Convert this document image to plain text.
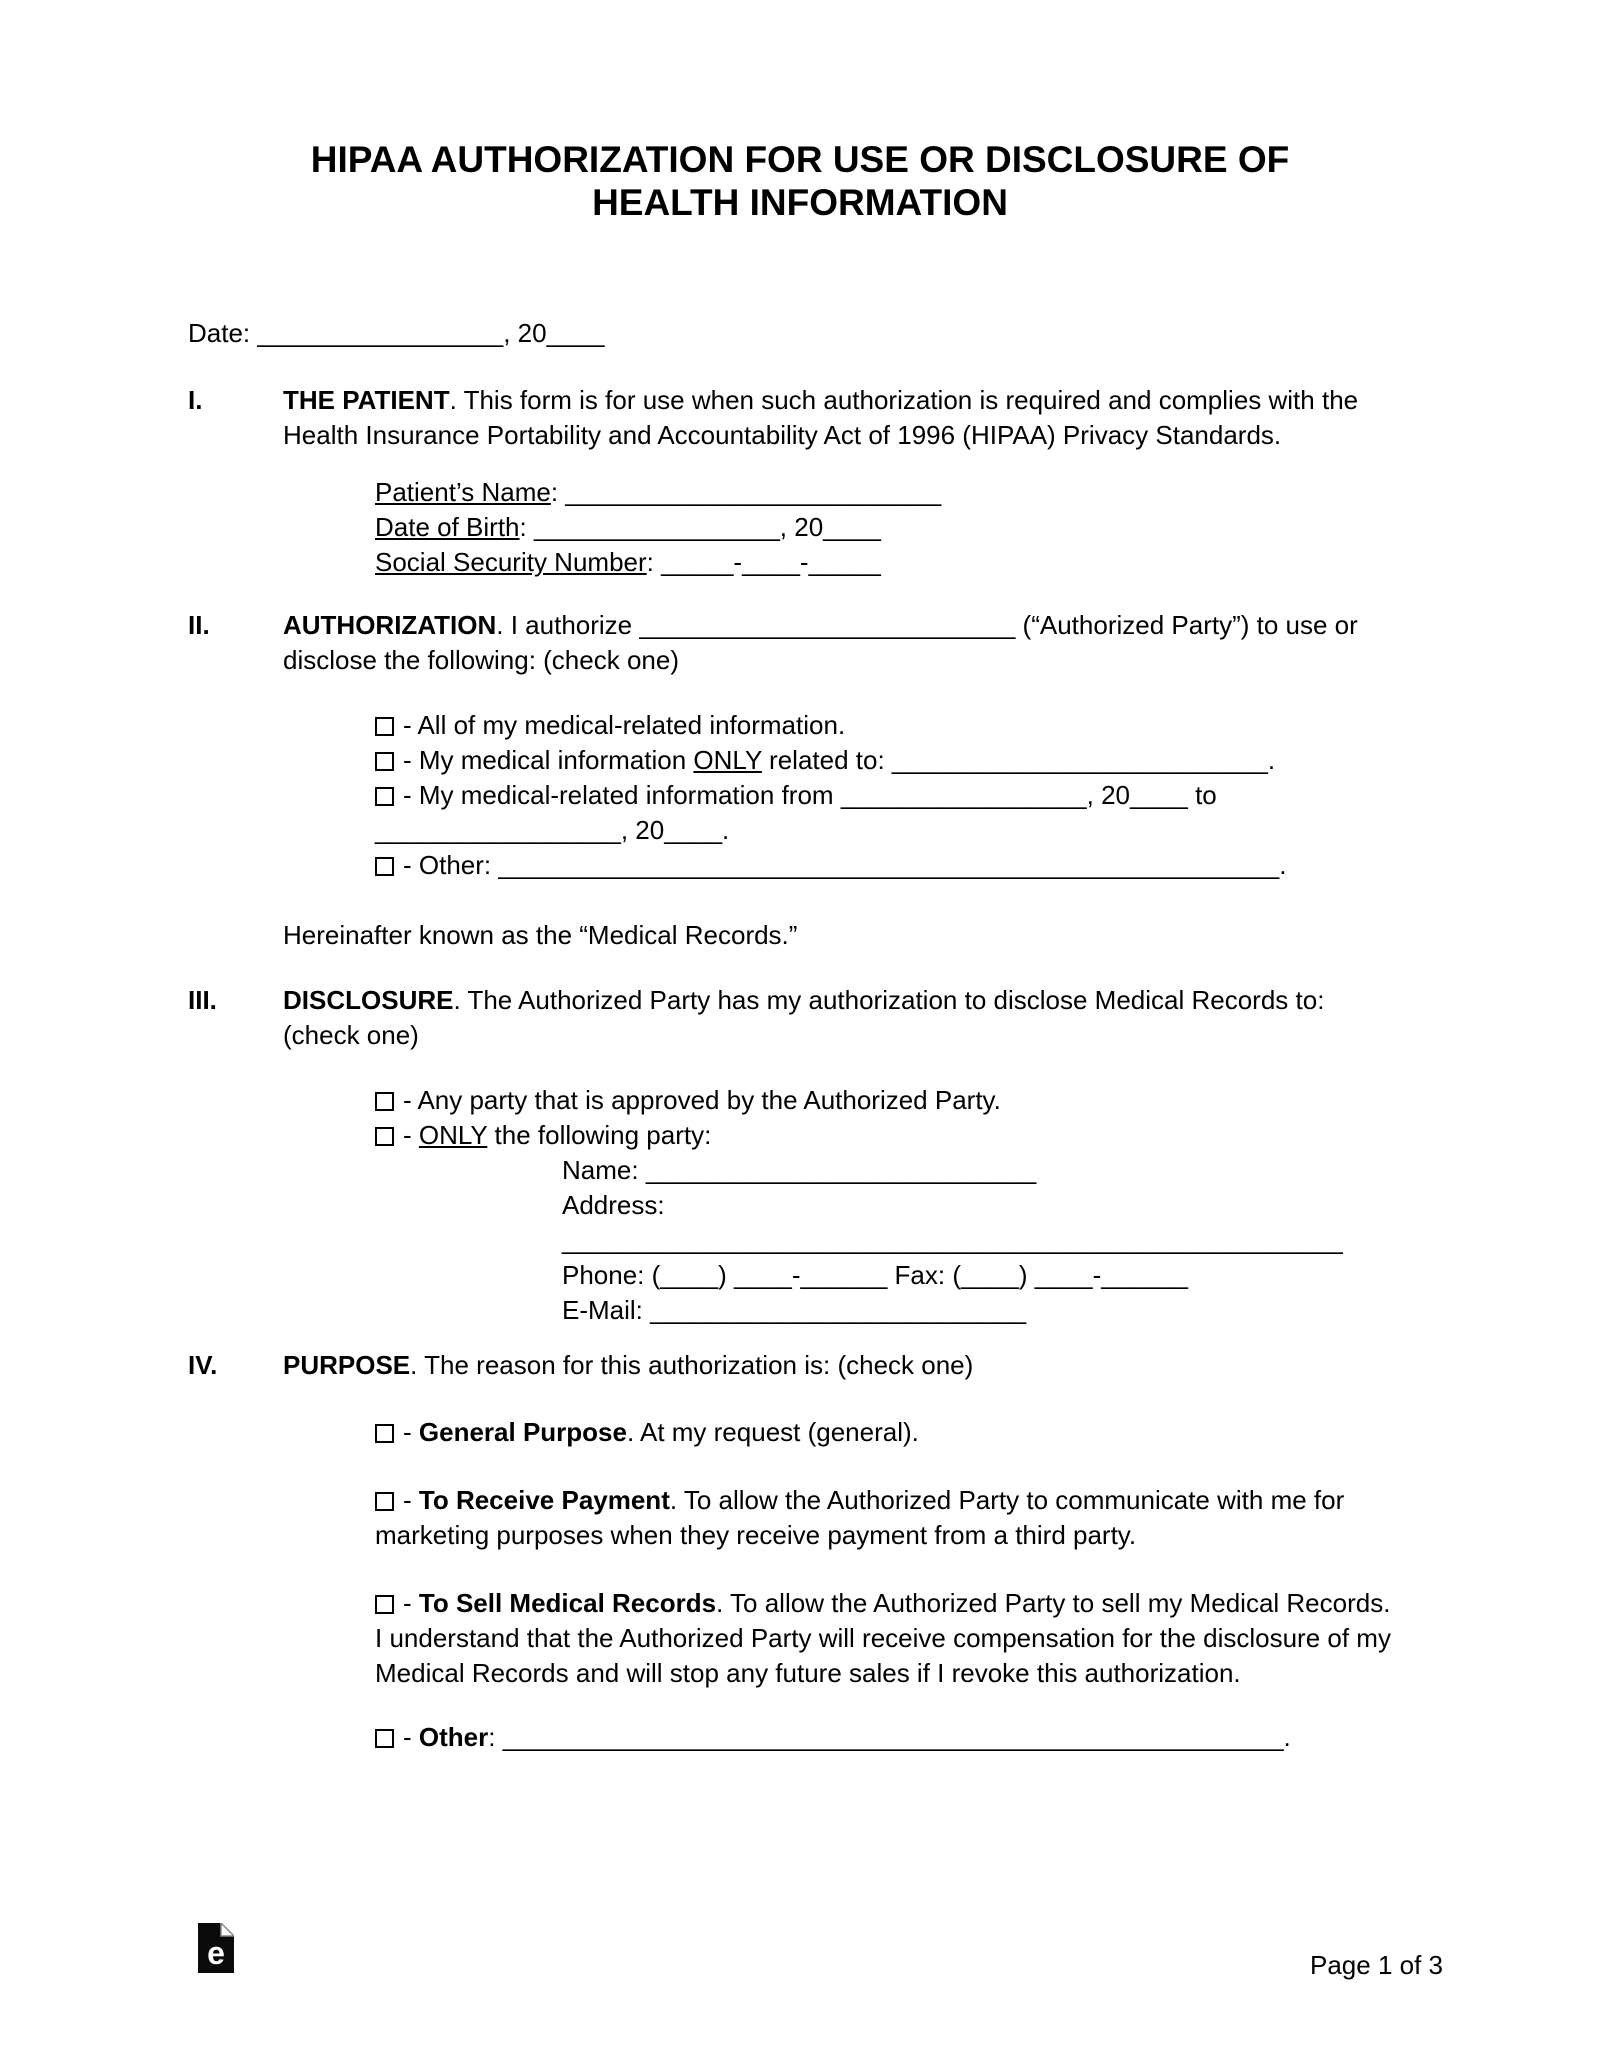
HIPAA AUTHORIZATION FOR USE OR DISCLOSURE OF
HEALTH INFORMATION
Date: _________________, 20____
I.	THE PATIENT. This form is for use when such authorization is required and complies with the Health Insurance Portability and Accountability Act of 1996 (HIPAA) Privacy Standards.
Patient’s Name: __________________________
Date of Birth: _________________, 20____
Social Security Number: _____-____-_____
II.	AUTHORIZATION. I authorize __________________________ (“Authorized Party”) to use or disclose the following: (check one)
- All of my medical-related information.
- My medical information ONLY related to: __________________________.
- My medical-related information from _________________, 20____ to _________________, 20____.
- Other: ______________________________________________________.
Hereinafter known as the “Medical Records.”
III.	DISCLOSURE. The Authorized Party has my authorization to disclose Medical Records to: (check one)
- Any party that is approved by the Authorized Party.
- ONLY the following party:
Name: ___________________________
Address: ______________________________________________________
Phone: (____) ____-______ Fax: (____) ____-______
E-Mail: __________________________
IV.	PURPOSE. The reason for this authorization is: (check one)
- General Purpose. At my request (general).
- To Receive Payment. To allow the Authorized Party to communicate with me for marketing purposes when they receive payment from a third party.
- To Sell Medical Records. To allow the Authorized Party to sell my Medical Records. I understand that the Authorized Party will receive compensation for the disclosure of my Medical Records and will stop any future sales if I revoke this authorization.
- Other: ______________________________________________________.
e	Page 1 of 3
